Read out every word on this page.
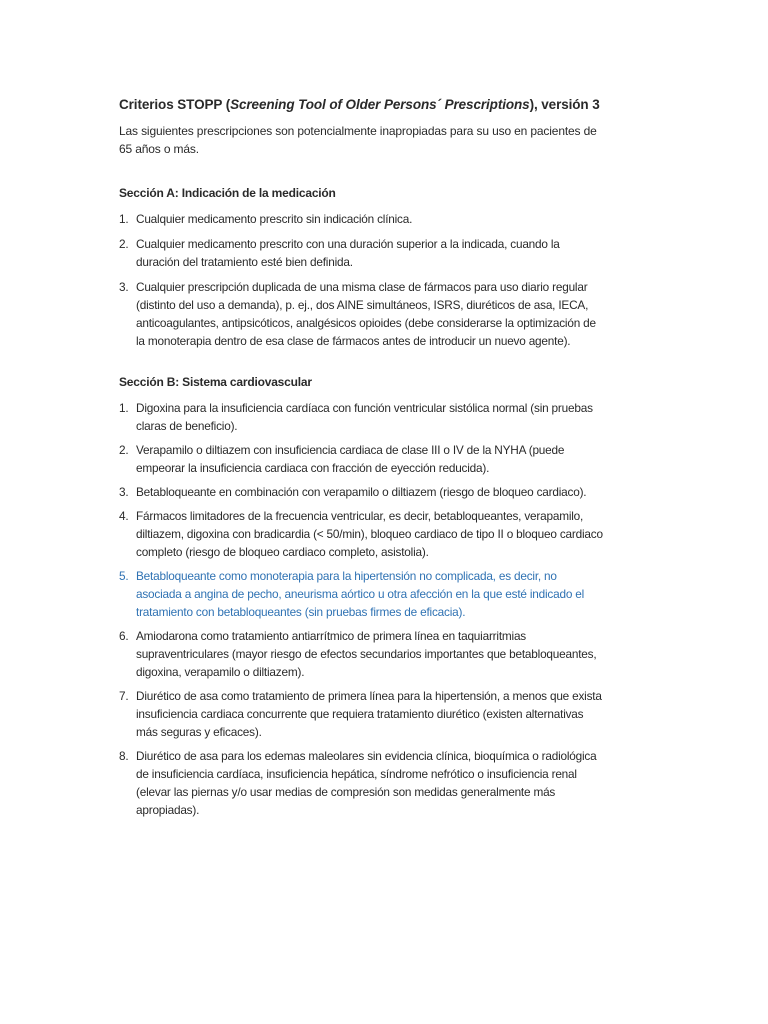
Criterios STOPP (Screening Tool of Older Persons´ Prescriptions), versión 3

Las siguientes prescripciones son potencialmente inapropiadas para su uso en pacientes de 65 años o más.

Sección A: Indicación de la medicación
1. Cualquier medicamento prescrito sin indicación clínica.
2. Cualquier medicamento prescrito con una duración superior a la indicada, cuando la duración del tratamiento esté bien definida.
3. Cualquier prescripción duplicada de una misma clase de fármacos para uso diario regular (distinto del uso a demanda), p. ej., dos AINE simultáneos, ISRS, diuréticos de asa, IECA, anticoagulantes, antipsicóticos, analgésicos opioides (debe considerarse la optimización de la monoterapia dentro de esa clase de fármacos antes de introducir un nuevo agente).
Sección B: Sistema cardiovascular
1. Digoxina para la insuficiencia cardíaca con función ventricular sistólica normal (sin pruebas claras de beneficio).
2. Verapamilo o diltiazem con insuficiencia cardiaca de clase III o IV de la NYHA (puede empeorar la insuficiencia cardiaca con fracción de eyección reducida).
3. Betabloqueante en combinación con verapamilo o diltiazem (riesgo de bloqueo cardiaco).
4. Fármacos limitadores de la frecuencia ventricular, es decir, betabloqueantes, verapamilo, diltiazem, digoxina con bradicardia (< 50/min), bloqueo cardiaco de tipo II o bloqueo cardiaco completo (riesgo de bloqueo cardiaco completo, asistolia).
5. Betabloqueante como monoterapia para la hipertensión no complicada, es decir, no asociada a angina de pecho, aneurisma aórtico u otra afección en la que esté indicado el tratamiento con betabloqueantes (sin pruebas firmes de eficacia).
6. Amiodarona como tratamiento antiarrítmico de primera línea en taquiarritmias supraventriculares (mayor riesgo de efectos secundarios importantes que betabloqueantes, digoxina, verapamilo o diltiazem).
7. Diurético de asa como tratamiento de primera línea para la hipertensión, a menos que exista insuficiencia cardiaca concurrente que requiera tratamiento diurético (existen alternativas más seguras y eficaces).
8. Diurético de asa para los edemas maleolares sin evidencia clínica, bioquímica o radiológica de insuficiencia cardíaca, insuficiencia hepática, síndrome nefrótico o insuficiencia renal (elevar las piernas y/o usar medias de compresión son medidas generalmente más apropiadas).
